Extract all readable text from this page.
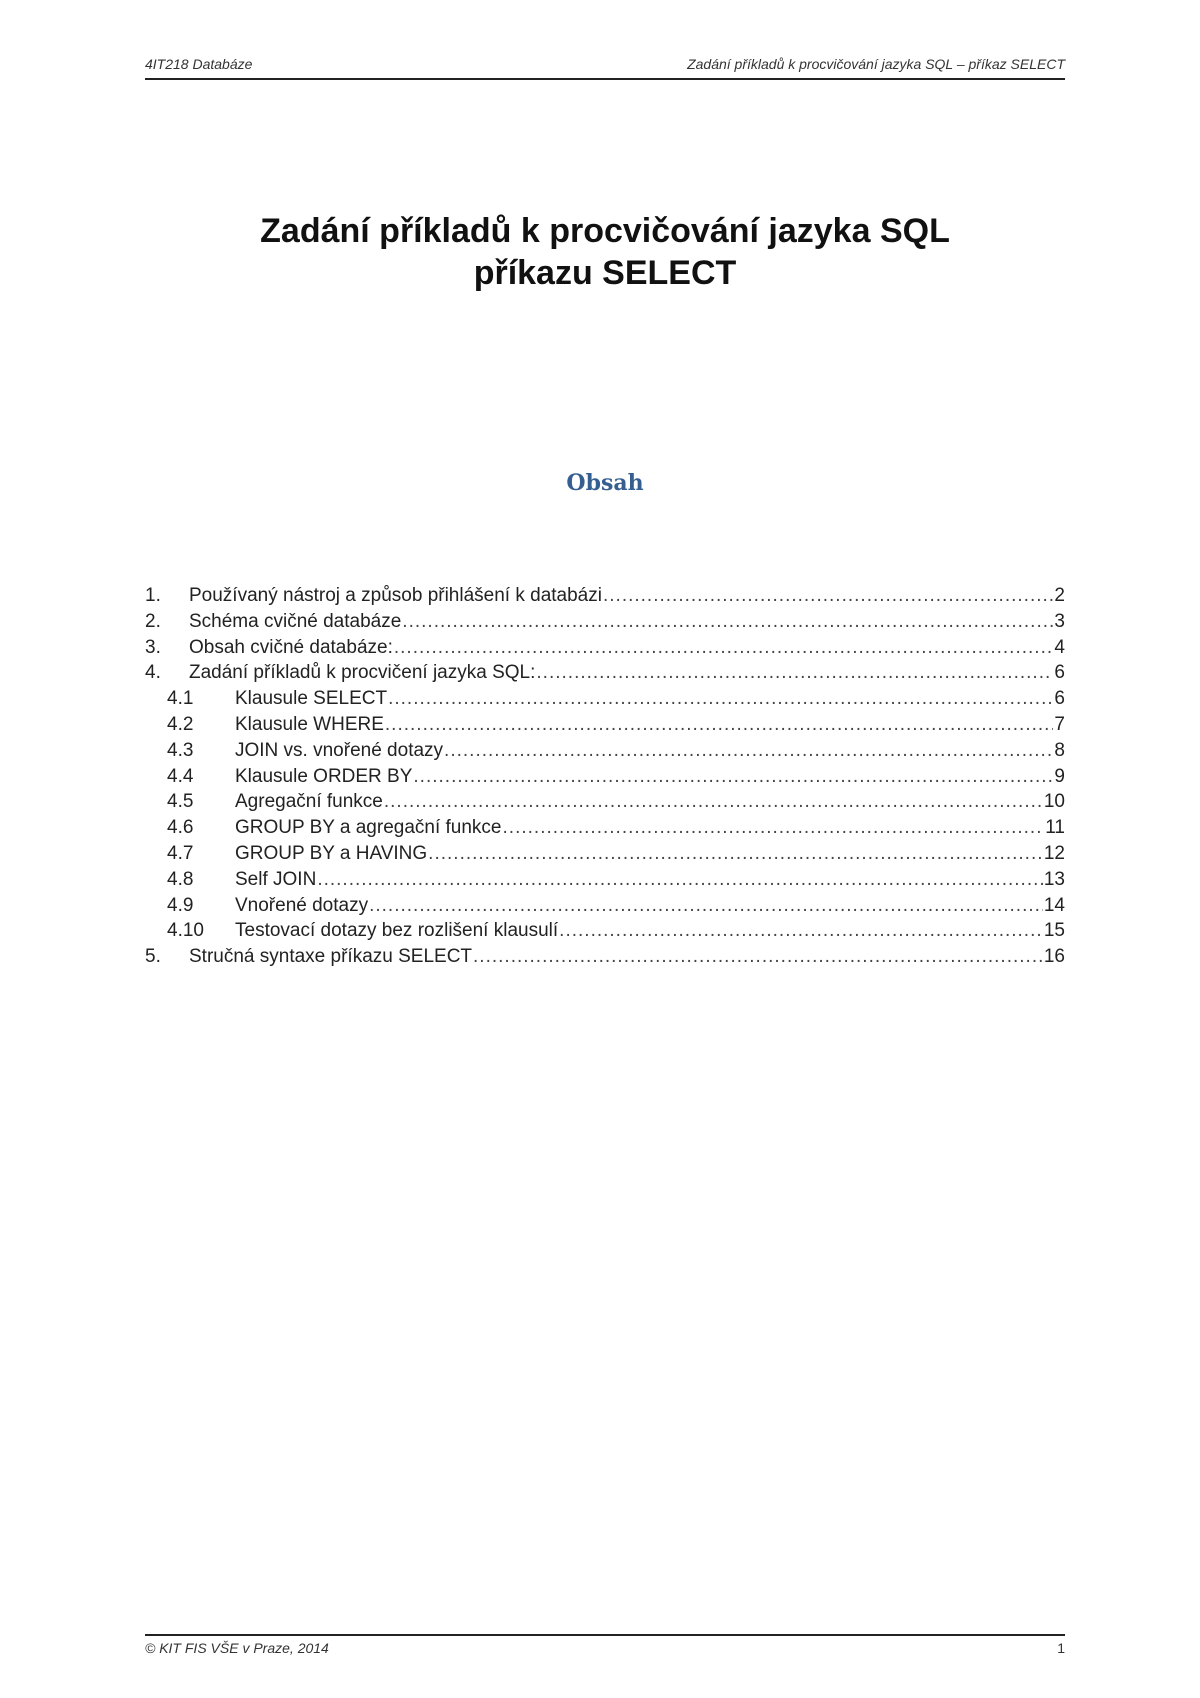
4IT218 Databáze	Zadání příkladů k procvičování jazyka SQL – příkaz SELECT
Zadání příkladů k procvičování jazyka SQL
příkazu SELECT
Obsah
1.	Používaný nástroj a způsob přihlášení k databázi .....	2
2.	Schéma cvičné databáze .....	3
3.	Obsah cvičné databáze: .....	4
4.	Zadání příkladů k procvičení jazyka SQL: .....	6
4.1	Klausule SELECT .....	6
4.2	Klausule WHERE .....	7
4.3	JOIN vs. vnořené dotazy .....	8
4.4	Klausule ORDER BY .....	9
4.5	Agregační funkce .....	10
4.6	GROUP BY a agregační funkce .....	11
4.7	GROUP BY a HAVING .....	12
4.8	Self JOIN .....	13
4.9	Vnořené dotazy .....	14
4.10	Testovací dotazy bez rozlišení klausulí .....	15
5.	Stručná syntaxe příkazu SELECT .....	16
© KIT FIS VŠE v Praze, 2014	1
